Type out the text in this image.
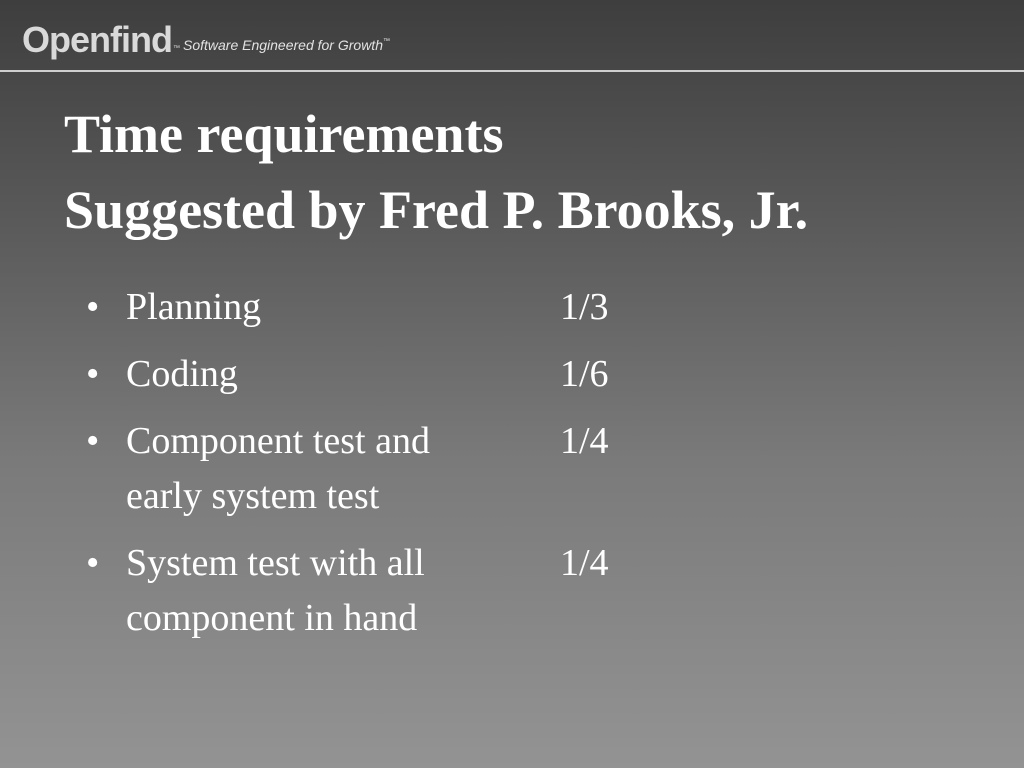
Openfind ™ Software Engineered for Growth ™
Time requirements
Suggested by Fred P. Brooks, Jr.
• Planning	1/3
• Coding	1/6
• Component test and
early system test
1/4
• System test with all
component in hand
1/4
